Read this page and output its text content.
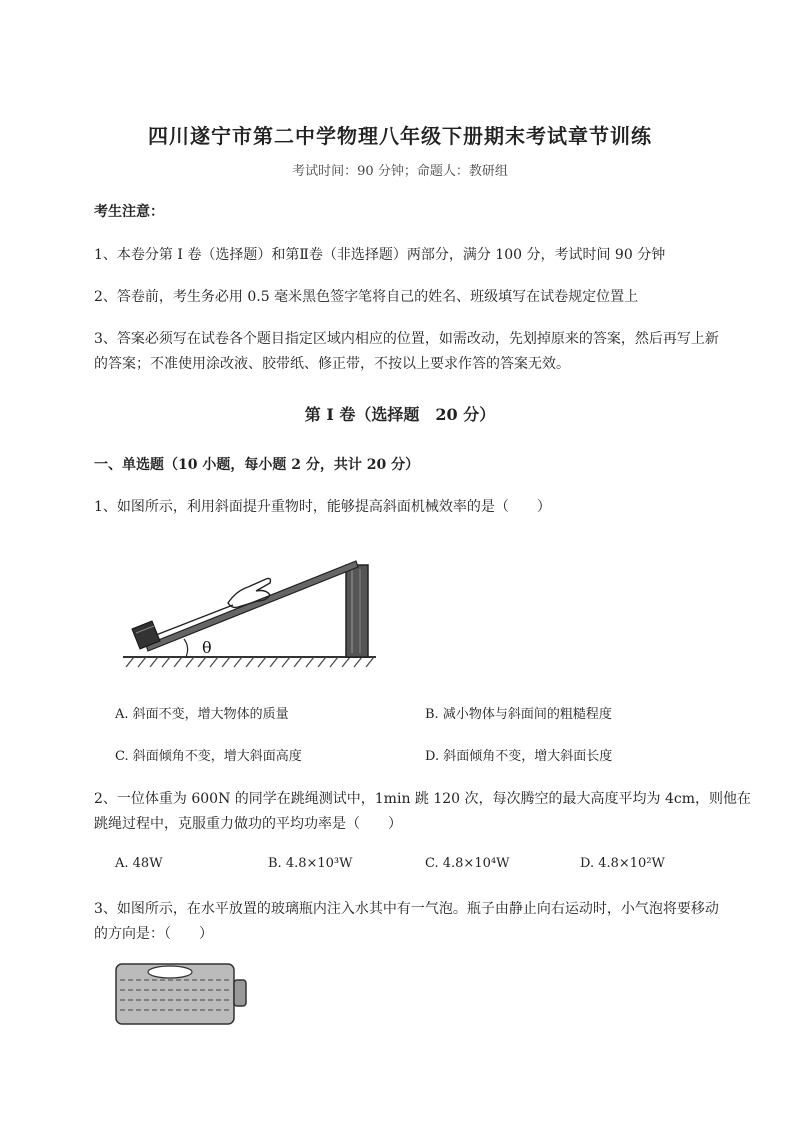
四川遂宁市第二中学物理八年级下册期末考试章节训练
考试时间：90 分钟；命题人：教研组
考生注意：
1、本卷分第 I 卷（选择题）和第Ⅱ卷（非选择题）两部分，满分 100 分，考试时间 90 分钟
2、答卷前，考生务必用 0.5 毫米黑色签字笔将自己的姓名、班级填写在试卷规定位置上
3、答案必须写在试卷各个题目指定区域内相应的位置，如需改动，先划掉原来的答案，然后再写上新
的答案；不准使用涂改液、胶带纸、修正带，不按以上要求作答的答案无效。
第 I 卷（选择题　20 分）
一、单选题（10 小题，每小题 2 分，共计 20 分）
1、如图所示，利用斜面提升重物时，能够提高斜面机械效率的是（　　）
θ
A. 斜面不变，增大物体的质量	B. 减小物体与斜面间的粗糙程度
C. 斜面倾角不变，增大斜面高度	D. 斜面倾角不变，增大斜面长度
2、一位体重为 600N 的同学在跳绳测试中，1min 跳 120 次，每次腾空的最大高度平均为 4cm，则他在
跳绳过程中，克服重力做功的平均功率是（　　）
A. 48W	B. 4.8×10³W	C. 4.8×10⁴W	D. 4.8×10²W
3、如图所示，在水平放置的玻璃瓶内注入水其中有一气泡。瓶子由静止向右运动时，小气泡将要移动
的方向是：（　　）
